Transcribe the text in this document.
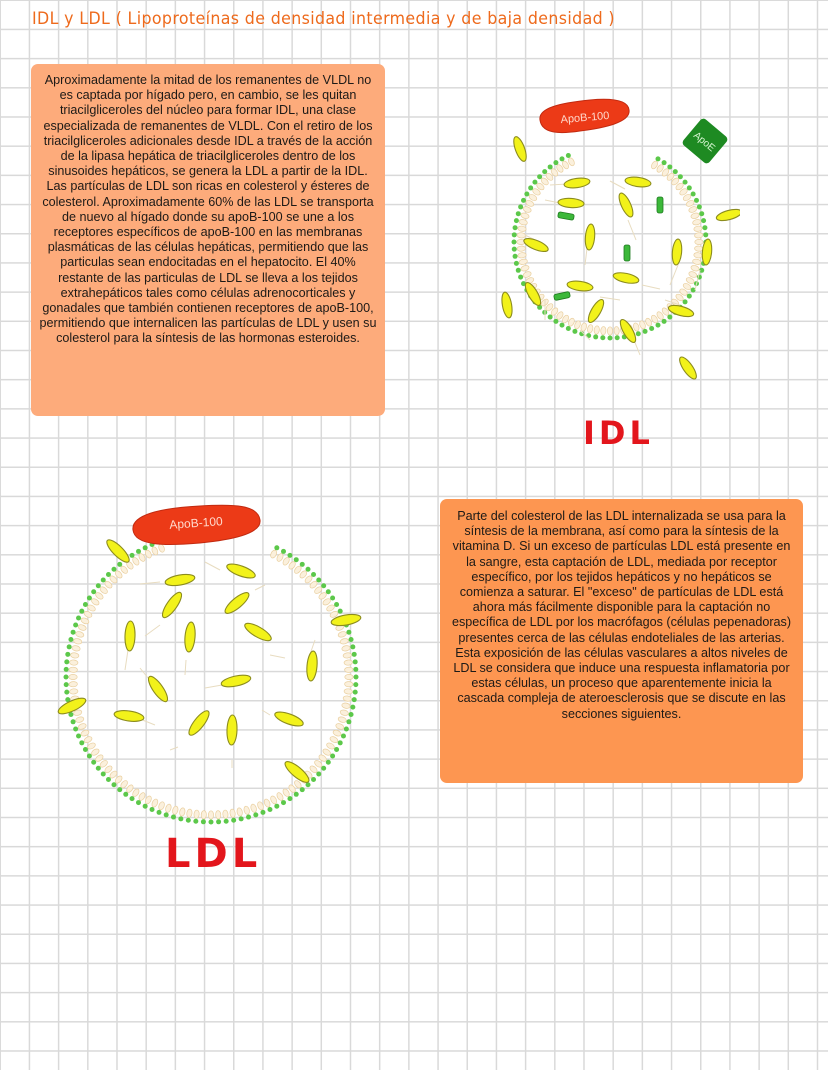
IDL y LDL ( Lipoproteínas de densidad intermedia y de baja densidad )
Aproximadamente la mitad de los remanentes de VLDL no es captada por hígado pero, en cambio, se les quitan triacilgliceroles del núcleo para formar IDL, una clase especializada de remanentes de VLDL. Con el retiro de los triacilgliceroles adicionales desde IDL a través de la acción de la lipasa hepática de triacilgliceroles dentro de los sinusoides hepáticos, se genera la LDL a partir de la IDL. Las partículas de LDL son ricas en colesterol y ésteres de colesterol. Aproximadamente 60% de las LDL se transporta de nuevo al hígado donde su apoB-100 se une a los receptores específicos de apoB-100 en las membranas plasmáticas de las células hepáticas, permitiendo que las particulas sean endocitadas en el hepatocito. El 40% restante de las particulas de LDL se lleva a los tejidos extrahepáticos tales como células adrenocorticales y gonadales que también contienen receptores de apoB-100, permitiendo que internalicen las partículas de LDL y usen su colesterol para la síntesis de las hormonas esteroides.
ApoB-100
ApoE
IDL
ApoB-100
LDL
Parte del colesterol de las LDL internalizada se usa para la síntesis de la membrana, así como para la síntesis de la vitamina D. Si un exceso de partículas LDL está presente en la sangre, esta captación de LDL, mediada por receptor específico, por los tejidos hepáticos y no hepáticos se comienza a saturar. El "exceso" de partículas de LDL está ahora más fácilmente disponible para la captación no específica de LDL por los macrófagos (células pepenadoras) presentes cerca de las células endoteliales de las arterias. Esta exposición de las células vasculares a altos niveles de LDL se considera que induce una respuesta inflamatoria por estas células, un proceso que aparentemente inicia la cascada compleja de ateroesclerosis que se discute en las secciones siguientes.
